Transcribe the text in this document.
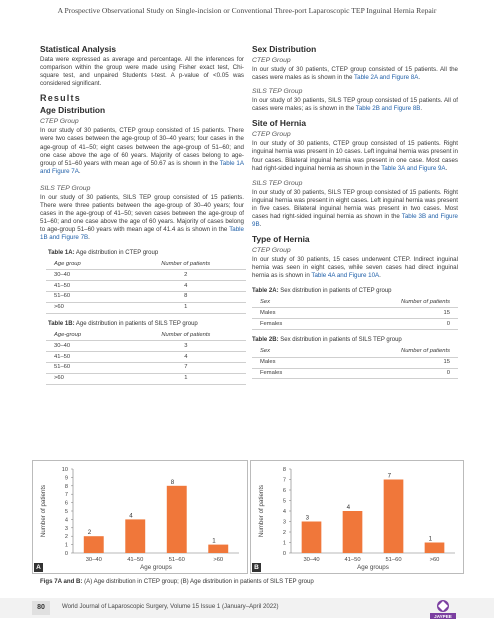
A Prospective Observational Study on Single-incision or Conventional Three-port Laparoscopic TEP Inguinal Hernia Repair
Statistical Analysis

Data were expressed as average and percentage. All the inferences for comparison within the group were made using Fisher exact test, Chi-square test, and unpaired Students t-test. A p-value of <0.05 was considered significant.

Results
Age Distribution
CTEP Group

In our study of 30 patients, CTEP group consisted of 15 patients. There were two cases between the age-group of 30–40 years; four cases in the age-group of 41–50; eight cases between the age-group of 51–60; and one case above the age of 60 years. Majority of cases belong to age-group of 51–60 years with mean age of 50.67 as is shown in the Table 1A and Figure 7A.

SILS TEP Group

In our study of 30 patients, SILS TEP group consisted of 15 patients. There were three patients between the age-group of 30–40 years; four cases in the age-group of 41–50; seven cases between the age-group of 51–60; and one case above the age of 60 years. Majority of cases belong to age-group 51–60 years with mean age of 41.4 as is shown in the Table 1B and Figure 7B.

Table 1A: Age distribution in CTEP group
Age group	Number of patients
30–40	2
41–50	4
51–60	8
>60	1
Table 1B: Age distribution in patients of SILS TEP group
Age-group	Number of patients
30–40	3
41–50	4
51–60	7
>60	1
Sex Distribution
CTEP Group

In our study of 30 patients, CTEP group consisted of 15 patients. All the cases were males as is shown in the Table 2A and Figure 8A.

SILS TEP Group

In our study of 30 patients, SILS TEP group consisted of 15 patients. All of cases were males; as is shown in the Table 2B and Figure 8B.

Site of Hernia
CTEP Group

In our study of 30 patients, CTEP group consisted of 15 patients. Right inguinal hernia was present in 10 cases. Left inguinal hernia was present in four cases. Bilateral inguinal hernia was present in one case. Most cases had right-sided inguinal hernia as shown in the Table 3A and Figure 9A.

SILS TEP Group

In our study of 30 patients, SILS TEP group consisted of 15 patients. Right inguinal hernia was present in eight cases. Left inguinal hernia was present in five cases. Bilateral inguinal hernia was present in two cases. Most cases had right-sided inguinal hernia as shown in the Table 3B and Figure 9B.

Type of Hernia
CTEP Group

In our study of 30 patients, 15 cases underwent CTEP. Indirect inguinal hernia was seen in eight cases, while seven cases had direct inguinal hernia as is shown in Table 4A and Figure 10A.

Table 2A: Sex distribution in patients of CTEP group
Sex	Number of patients
Males	15
Females	0
Table 2B: Sex distribution in patients of SILS TEP group
Sex	Number of patients
Males	15
Females	0
0
1
2
3
4
5
6
7
8
9
10
2
30–40
4
41–50
8
51–60
1
>60
Age groups
Number of patients
A
0
1
2
3
4
5
6
7
8
3
30–40
4
41–50
7
51–60
1
>60
Age groups
Number of patients
B
Figs 7A and B: (A) Age distribution in CTEP group; (B) Age distribution in patients of SILS TEP group
80	World Journal of Laparoscopic Surgery, Volume 15 Issue 1 (January–April 2022)
JAYPEE
